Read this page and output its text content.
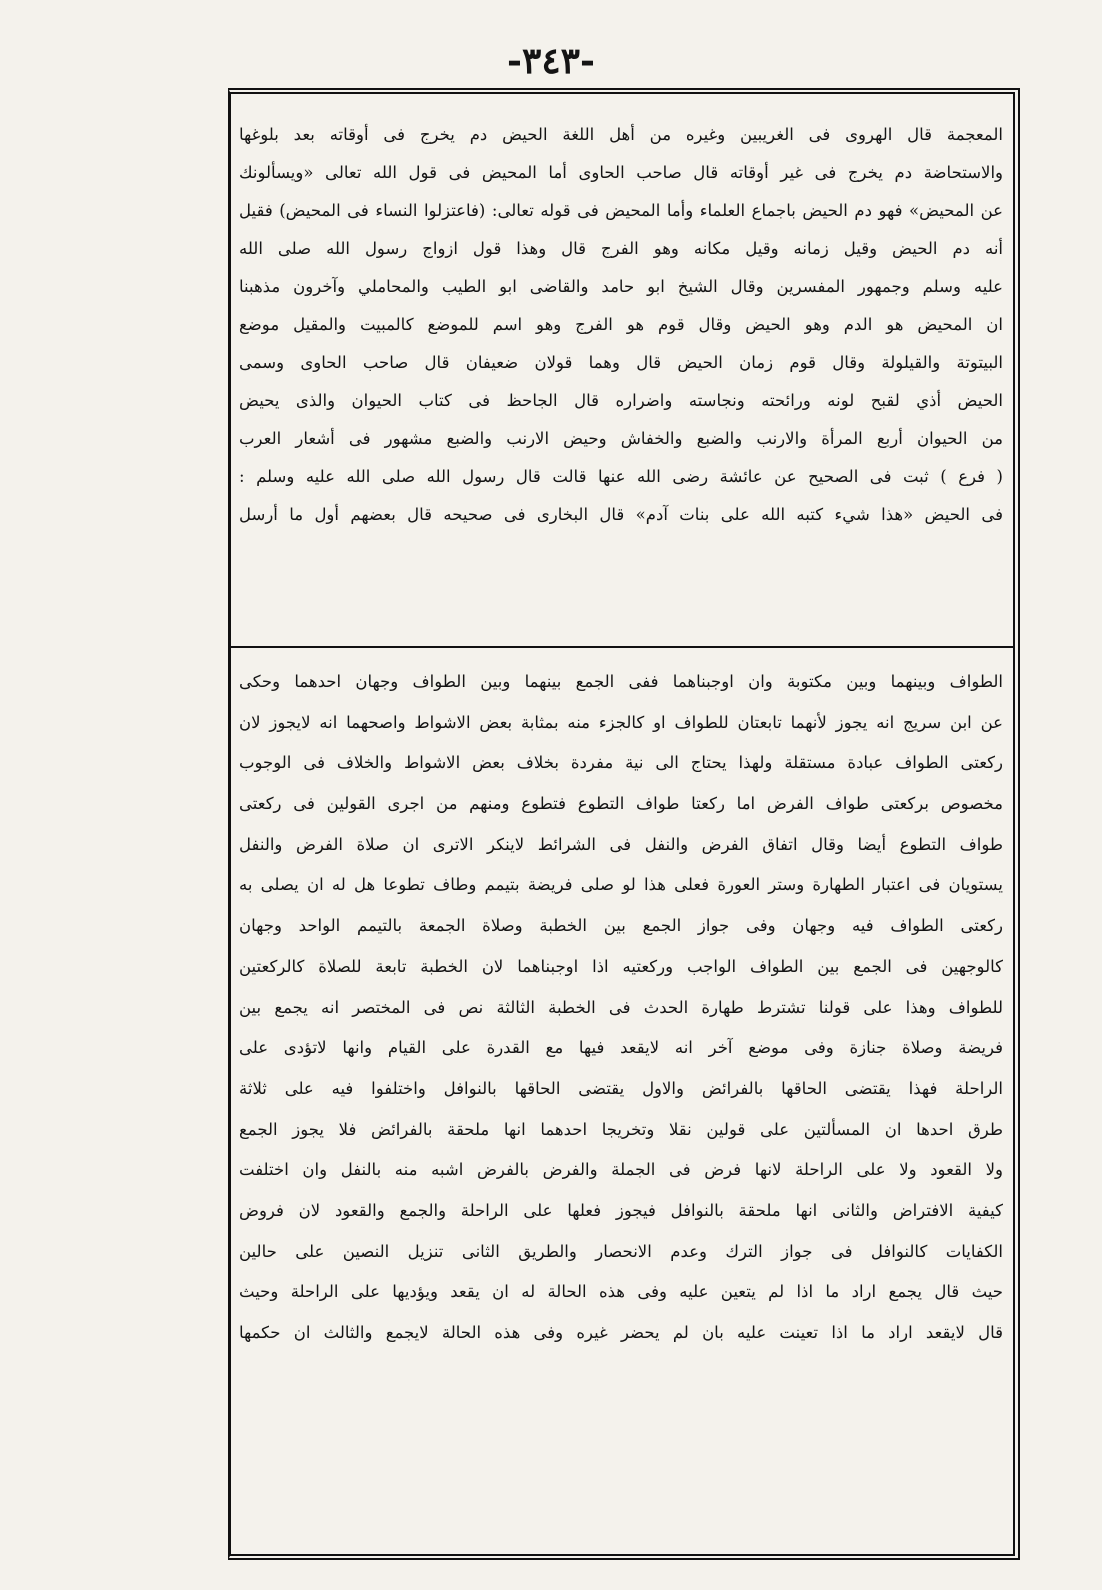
-٣٤٣-
المعجمة قال الهروى فى الغريبين وغيره من أهل اللغة الحيض دم يخرج فى أوقاته بعد بلوغها
والاستحاضة دم يخرج فى غير أوقاته قال صاحب الحاوى أما المحيض فى قول الله تعالى «ويسألونك
عن المحيض» فهو دم الحيض باجماع العلماء وأما المحيض فى قوله تعالى: (فاعتزلوا النساء فى المحيض) فقيل
أنه دم الحيض وقيل زمانه وقيل مكانه وهو الفرج قال وهذا قول ازواج رسول الله صلى الله
عليه وسلم وجمهور المفسرين وقال الشيخ ابو حامد والقاضى ابو الطيب والمحاملي وآخرون مذهبنا
ان المحيض هو الدم وهو الحيض وقال قوم هو الفرج وهو اسم للموضع كالمبيت والمقيل موضع
البيتوتة والقيلولة وقال قوم زمان الحيض قال وهما قولان ضعيفان قال صاحب الحاوى وسمى
الحيض أذي لقبح لونه ورائحته ونجاسته واضراره قال الجاحظ فى كتاب الحيوان والذى يحيض
من الحيوان أربع المرأة والارنب والضبع والخفاش وحيض الارنب والضبع مشهور فى أشعار العرب
( فرع ) ثبت فى الصحيح عن عائشة رضى الله عنها قالت قال رسول الله صلى الله عليه وسلم :
فى الحيض «هذا شيء كتبه الله على بنات آدم» قال البخارى فى صحيحه قال بعضهم أول ما أرسل
الطواف وبينهما وبين مكتوبة وان اوجبناهما ففى الجمع بينهما وبين الطواف وجهان احدهما وحكى
عن ابن سريج انه يجوز لأنهما تابعتان للطواف او كالجزء منه بمثابة بعض الاشواط واصحهما انه لايجوز لان
ركعتى الطواف عبادة مستقلة ولهذا يحتاج الى نية مفردة بخلاف بعض الاشواط والخلاف فى الوجوب
مخصوص بركعتى طواف الفرض اما ركعتا طواف التطوع فتطوع ومنهم من اجرى القولين فى ركعتى
طواف التطوع أيضا وقال اتفاق الفرض والنفل فى الشرائط لاينكر الاترى ان صلاة الفرض والنفل
يستويان فى اعتبار الطهارة وستر العورة فعلى هذا لو صلى فريضة بتيمم وطاف تطوعا هل له ان يصلى به
ركعتى الطواف فيه وجهان وفى جواز الجمع بين الخطبة وصلاة الجمعة بالتيمم الواحد وجهان
كالوجهين فى الجمع بين الطواف الواجب وركعتيه اذا اوجبناهما لان الخطبة تابعة للصلاة كالركعتين
للطواف وهذا على قولنا تشترط طهارة الحدث فى الخطبة الثالثة نص فى المختصر انه يجمع بين
فريضة وصلاة جنازة وفى موضع آخر انه لايقعد فيها مع القدرة على القيام وانها لاتؤدى على
الراحلة فهذا يقتضى الحاقها بالفرائض والاول يقتضى الحاقها بالنوافل واختلفوا فيه على ثلاثة
طرق احدها ان المسألتين على قولين نقلا وتخريجا احدهما انها ملحقة بالفرائض فلا يجوز الجمع
ولا القعود ولا على الراحلة لانها فرض فى الجملة والفرض بالفرض اشبه منه بالنفل وان اختلفت
كيفية الافتراض والثانى انها ملحقة بالنوافل فيجوز فعلها على الراحلة والجمع والقعود لان فروض
الكفايات كالنوافل فى جواز الترك وعدم الانحصار والطريق الثانى تنزيل النصين على حالين
حيث قال يجمع اراد ما اذا لم يتعين عليه وفى هذه الحالة له ان يقعد ويؤديها على الراحلة وحيث
قال لايقعد اراد ما اذا تعينت عليه بان لم يحضر غيره وفى هذه الحالة لايجمع والثالث ان حكمها
